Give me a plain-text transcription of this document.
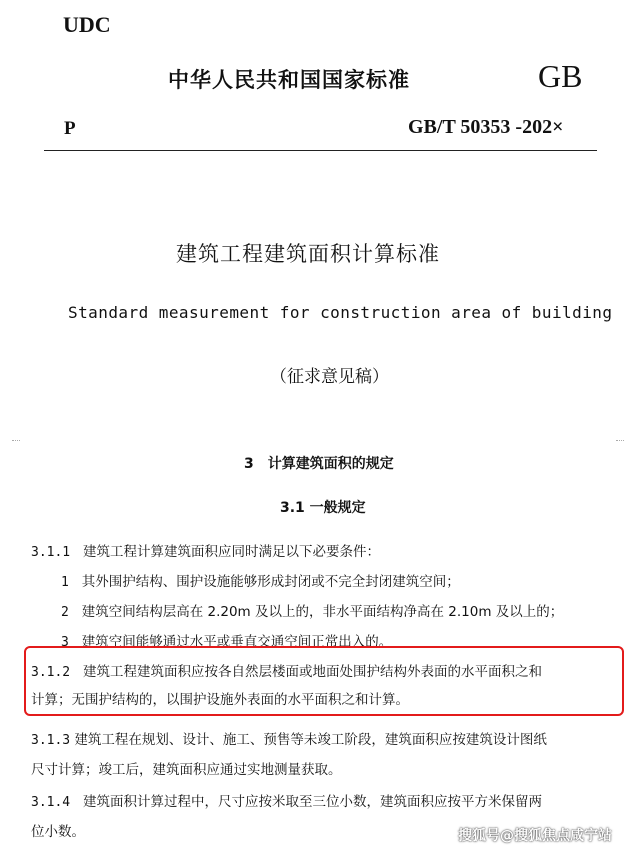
UDC
中华人民共和国国家标准	GB
P	GB/T 50353 -202×
建筑工程建筑面积计算标准
Standard measurement for construction area of building
（征求意见稿）
3　计算建筑面积的规定
3.1 一般规定
3.1.1 建筑工程计算建筑面积应同时满足以下必要条件：
1 其外围护结构、围护设施能够形成封闭或不完全封闭建筑空间；
2 建筑空间结构层高在 2.20m 及以上的，非水平面结构净高在 2.10m 及以上的；
3 建筑空间能够通过水平或垂直交通空间正常出入的。
3.1.2 建筑工程建筑面积应按各自然层楼面或地面处围护结构外表面的水平面积之和
计算；无围护结构的，以围护设施外表面的水平面积之和计算。
3.1.3 建筑工程在规划、设计、施工、预售等未竣工阶段，建筑面积应按建筑设计图纸
尺寸计算；竣工后，建筑面积应通过实地测量获取。
3.1.4 建筑面积计算过程中，尺寸应按米取至三位小数，建筑面积应按平方米保留两
位小数。	搜狐号@搜狐焦点咸宁站
